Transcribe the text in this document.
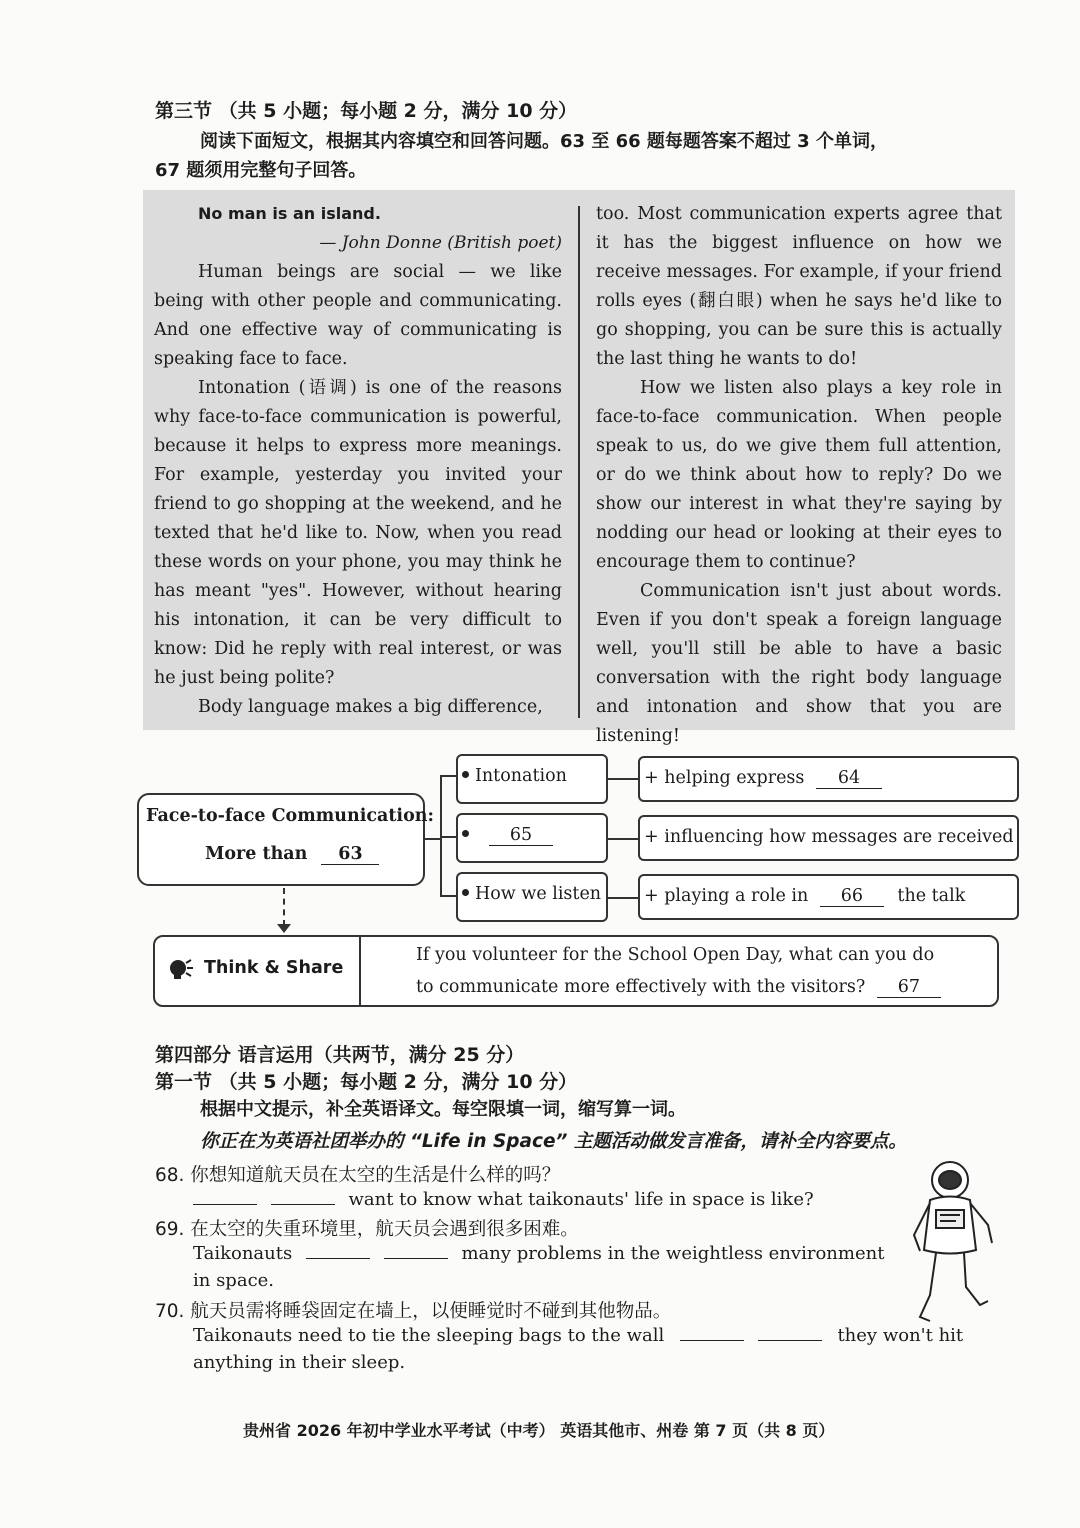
第三节 （共 5 小题；每小题 2 分，满分 10 分）
阅读下面短文，根据其内容填空和回答问题。63 至 66 题每题答案不超过 3 个单词，
67 题须用完整句子回答。

No man is an island.

— John Donne (British poet)

Human beings are social — we like being with other people and communicating. And one effective way of communicating is speaking face to face.

Intonation (语调) is one of the reasons why face-to-face communication is powerful, because it helps to express more meanings. For example, yesterday you invited your friend to go shopping at the weekend, and he texted that he'd like to. Now, when you read these words on your phone, you may think he has meant "yes". However, without hearing his intonation, it can be very difficult to know: Did he reply with real interest, or was he just being polite?

Body language makes a big difference,

too. Most communication experts agree that it has the biggest influence on how we receive messages. For example, if your friend rolls eyes (翻白眼) when he says he'd like to go shopping, you can be sure this is actually the last thing he wants to do!

How we listen also plays a key role in face-to-face communication. When people speak to us, do we give them full attention, or do we think about how to reply? Do we show our interest in what they're saying by nodding our head or looking at their eyes to encourage them to continue?

Communication isn't just about words. Even if you don't speak a foreign language well, you'll still be able to have a basic conversation with the right body language and intonation and show that you are listening!

Face-to-face Communication:
More than 63
Intonation
65
How we listen
+ helping express 64
+ influencing how messages are received
+ playing a role in 66 the talk
Think & Share
If you volunteer for the School Open Day, what can you do
to communicate more effectively with the visitors? 67
第四部分 语言运用（共两节，满分 25 分）
第一节 （共 5 小题；每小题 2 分，满分 10 分）
根据中文提示，补全英语译文。每空限填一词，缩写算一词。
你正在为英语社团举办的 “Life in Space” 主题活动做发言准备，请补全内容要点。
68. 你想知道航天员在太空的生活是什么样的吗？
want to know what taikonauts' life in space is like?
69. 在太空的失重环境里，航天员会遇到很多困难。
Taikonauts	many problems in the weightless environment
in space.
70. 航天员需将睡袋固定在墙上，以便睡觉时不碰到其他物品。
Taikonauts need to tie the sleeping bags to the wall	they won't hit
anything in their sleep.
贵州省 2026 年初中学业水平考试（中考） 英语其他市、州卷 第 7 页（共 8 页）
